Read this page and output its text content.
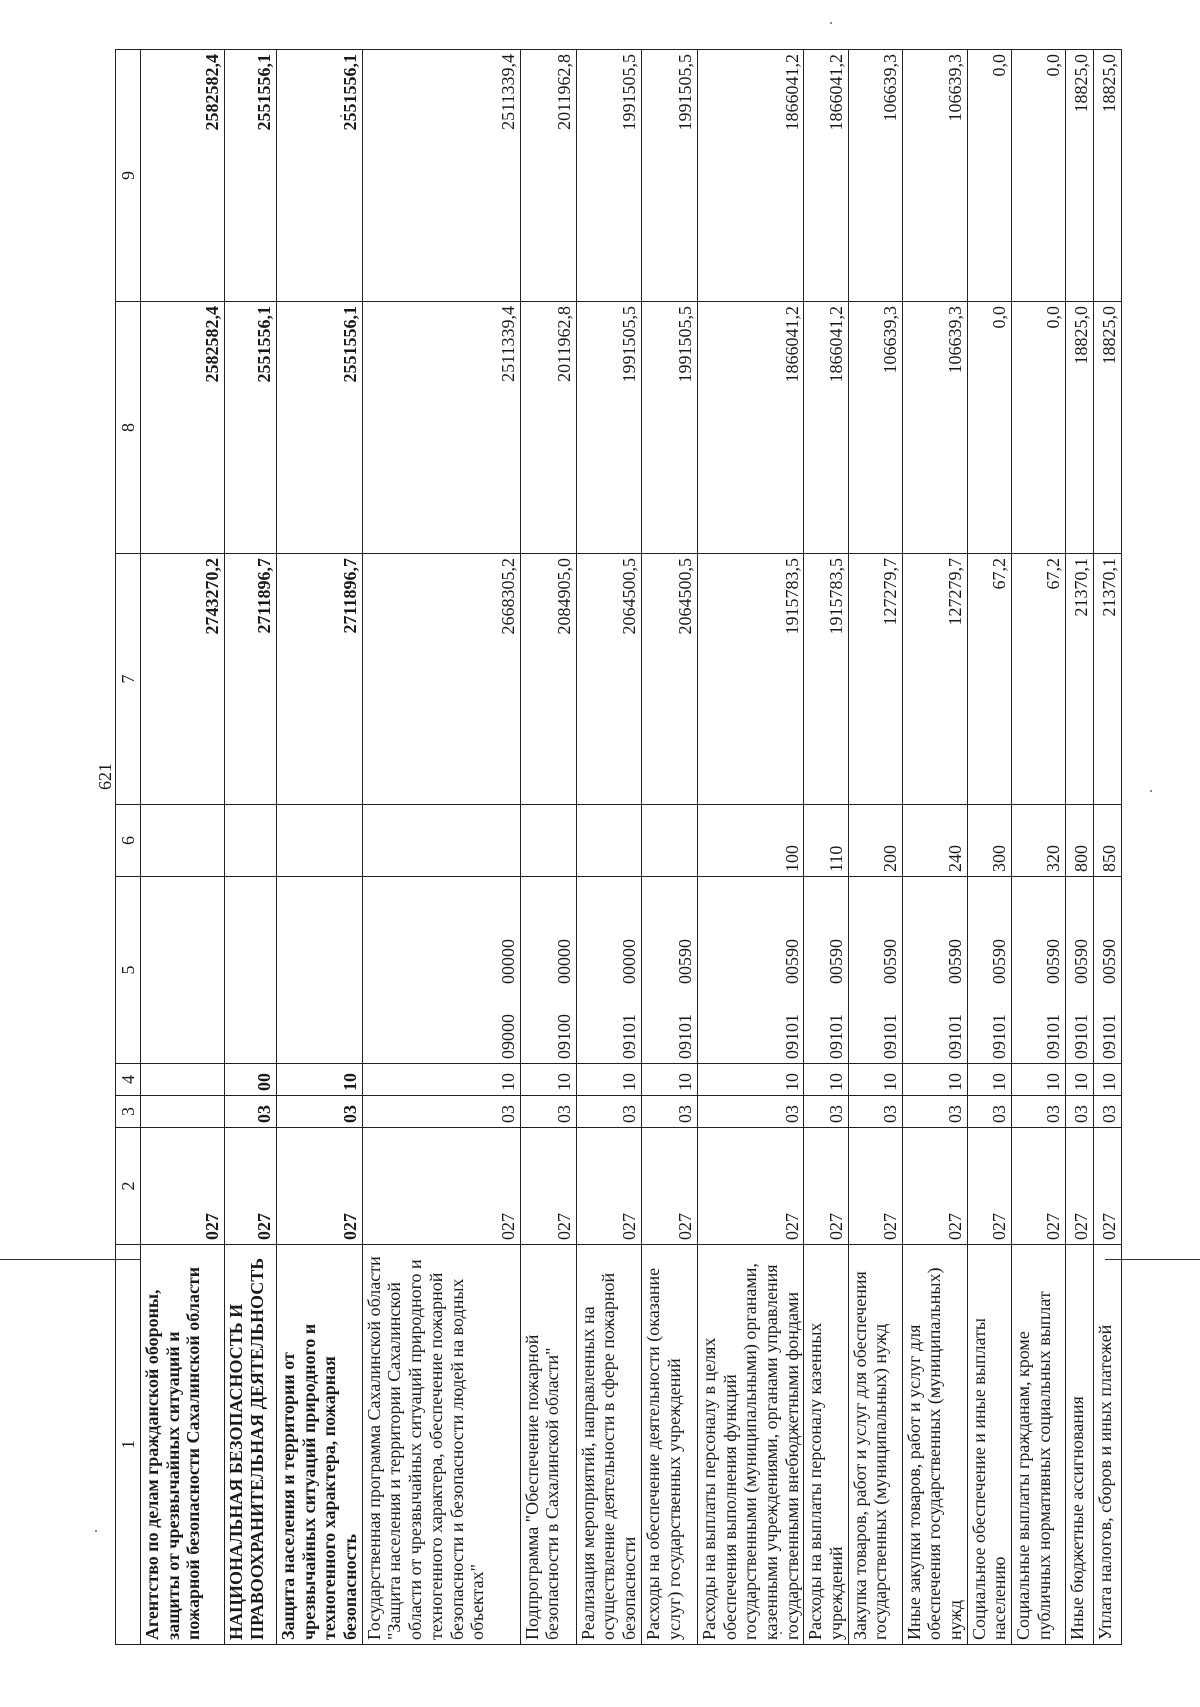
621
1	2	3	4	5	6	7	8	9
Агентство по делам гражданской обороны, защиты от чрезвычайных ситуаций и пожарной безопасности Сахалинской области	027					2743270,2	2582582,4	2582582,4
НАЦИОНАЛЬНАЯ БЕЗОПАСНОСТЬ И ПРАВООХРАНИТЕЛЬНАЯ ДЕЯТЕЛЬНОСТЬ	027	03	00			2711896,7	2551556,1	2551556,1
Защита населения и территории от чрезвычайных ситуаций природного и техногенного характера, пожарная безопасность	027	03	10			2711896,7	2551556,1	2551556,1
Государственная программа Сахалинской области "Защита населения и территории Сахалинской области от чрезвычайных ситуаций природного и техногенного характера, обеспечение пожарной безопасности и безопасности людей на водных объектах"	027	03	10	0900000000		2668305,2	2511339,4	2511339,4
Подпрограмма "Обеспечение пожарной безопасности в Сахалинской области"	027	03	10	0910000000		2084905,0	2011962,8	2011962,8
Реализация мероприятий, направленных на осуществление деятельности в сфере пожарной безопасности	027	03	10	0910100000		2064500,5	1991505,5	1991505,5
Расходы на обеспечение деятельности (оказание услуг) государственных учреждений	027	03	10	0910100590		2064500,5	1991505,5	1991505,5
Расходы на выплаты персоналу в целях обеспечения выполнения функций государственными (муниципальными) органами, казенными учреждениями, органами управления государственными внебюджетными фондами	027	03	10	0910100590	100	1915783,5	1866041,2	1866041,2
Расходы на выплаты персоналу казенных учреждений	027	03	10	0910100590	110	1915783,5	1866041,2	1866041,2
Закупка товаров, работ и услуг для обеспечения государственных (муниципальных) нужд	027	03	10	0910100590	200	127279,7	106639,3	106639,3
Иные закупки товаров, работ и услуг для обеспечения государственных (муниципальных) нужд	027	03	10	0910100590	240	127279,7	106639,3	106639,3
Социальное обеспечение и иные выплаты населению	027	03	10	0910100590	300	67,2	0,0	0,0
Социальные выплаты гражданам, кроме публичных нормативных социальных выплат	027	03	10	0910100590	320	67,2	0,0	0,0
Иные бюджетные ассигнования	027	03	10	0910100590	800	21370,1	18825,0	18825,0
Уплата налогов, сборов и иных платежей	027	03	10	0910100590	850	21370,1	18825,0	18825,0
